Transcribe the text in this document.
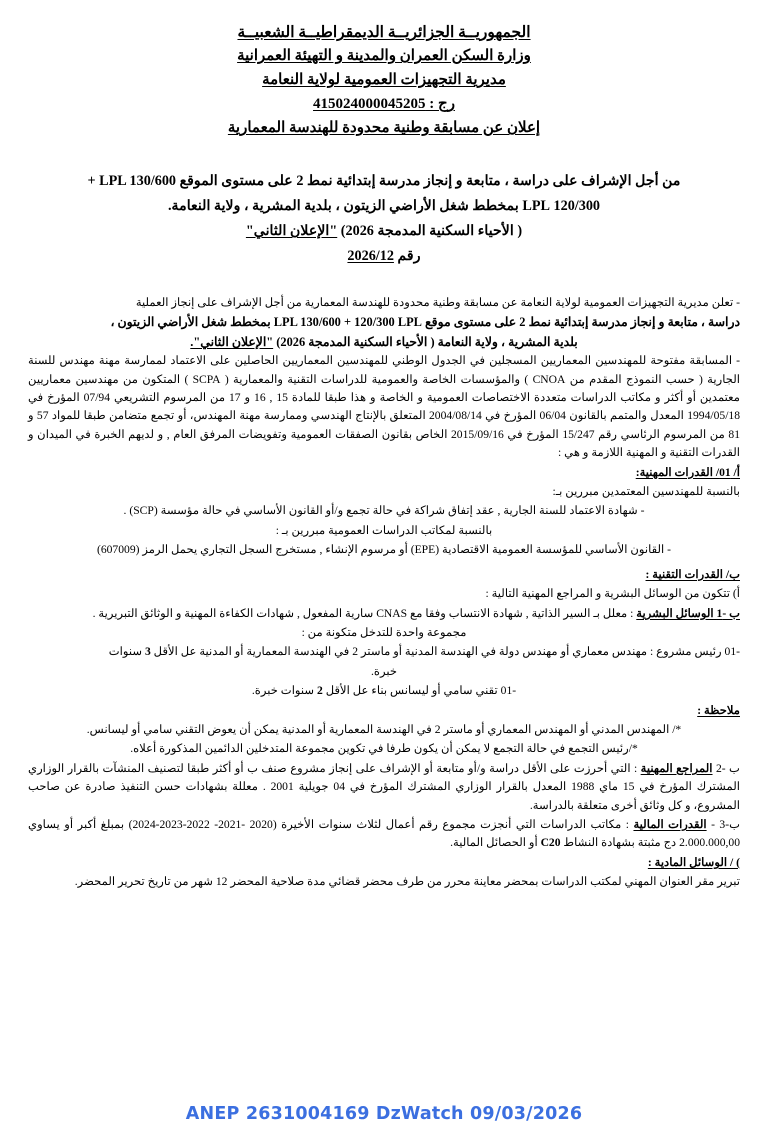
الجمهوريــة الجزائريــة الديمقراطيــة الشعبيــة
وزارة السكن العمران والمدينة و التهيئة العمرانية
مديرية التجهيزات العمومية لولاية النعامة
رج : 415024000045205
إعلان عن مسابقة وطنية محدودة للهندسة المعمارية
من أجل الإشراف على دراسة ، متابعة و إنجاز مدرسة إبتدائية نمط 2 على مستوى الموقع LPL 130/600 +
120/300 LPL بمخطط شغل الأراضي الزيتون ، بلدية المشرية ، ولاية النعامة.
( الأحياء السكنية المدمجة 2026) "الإعلان الثاني"
رقم 2026/12

- تعلن مديرية التجهيزات العمومية لولاية النعامة عن مسابقة وطنية محدودة للهندسة المعمارية من أجل الإشراف على إنجاز العملية

دراسة ، متابعة و إنجاز مدرسة إبتدائية نمط 2 على مستوى موقع LPL 130/600 + 120/300 LPL بمخطط شغل الأراضي الزيتون ،

بلدية المشرية ، ولاية النعامة ( الأحياء السكنية المدمجة 2026) "الإعلان الثاني".

- المسابقة مفتوحة للمهندسين المعماريين المسجلين في الجدول الوطني للمهندسين المعماريين الحاصلين على الاعتماد لممارسة مهنة مهندس للسنة الجارية ( حسب النموذج المقدم من CNOA ) والمؤسسات الخاصة والعمومية للدراسات التقنية والمعمارية ( SCPA ) المتكون من مهندسين معماريين معتمدين أو أكثر و مكاتب الدراسات متعددة الاختصاصات العمومية و الخاصة و هذا طبقا للمادة 15 , 16 و 17 من المرسوم التشريعي 07/94 المؤرخ في 1994/05/18 المعدل والمتمم بالقانون 06/04 المؤرخ في 2004/08/14 المتعلق بالإنتاج الهندسي وممارسة مهنة المهندس، أو تجمع متضامن طبقا للمواد 57 و 81 من المرسوم الرئاسي رقم 15/247 المؤرخ في 2015/09/16 الخاص بقانون الصفقات العمومية وتفويضات المرفق العام , و لديهم الخبرة في الميدان و القدرات التقنية و المهنية اللازمة و هي :

أ/ 01/ القدرات المهنية:

بالنسبة للمهندسين المعتمدين مبررين بـ:

- شهادة الاعتماد للسنة الجارية , عقد إتفاق شراكة في حالة تجمع و/أو القانون الأساسي في حالة مؤسسة (SCP) .

بالنسبة لمكاتب الدراسات العمومية مبررين بـ :

- القانون الأساسي للمؤسسة العمومية الاقتصادية (EPE) أو مرسوم الإنشاء , مستخرج السجل التجاري يحمل الرمز (607009)

ب/ القدرات التقنية :

أ) تتكون من الوسائل البشرية و المراجع المهنية التالية :

ب -1 الوسائل البشرية : معلل بـ السير الذاتية , شهادة الانتساب وفقا مع CNAS سارية المفعول , شهادات الكفاءة المهنية و الوثائق التبريرية .

مجموعة واحدة للتدخل متكونة من :

-01 رئيس مشروع : مهندس معماري أو مهندس دولة في الهندسة المدنية أو ماستر 2 في الهندسة المعمارية أو المدنية عل الأقل 3 سنوات

خبرة.

-01 تقني سامي أو ليسانس بناء عل الأقل 2 سنوات خبرة.

ملاحظة :

*/ المهندس المدني أو المهندس المعماري أو ماستر 2 في الهندسة المعمارية أو المدنية يمكن أن يعوض التقني سامي أو ليسانس.

*/رئيس التجمع في حالة التجمع لا يمكن أن يكون طرفا في تكوين مجموعة المتدخلين الدائمين المذكورة أعلاه.

ب -2 المراجع المهنية : التي أحرزت على الأقل دراسة و/أو متابعة أو الإشراف على إنجاز مشروع صنف ب أو أكثر طبقا لتصنيف المنشآت بالقرار الوزاري المشترك المؤرخ في 15 ماي 1988 المعدل بالقرار الوزاري المشترك المؤرخ في 04 جويلية 2001 . معللة بشهادات حسن التنفيذ صادرة عن صاحب المشروع، و كل وثائق أخرى متعلقة بالدراسة.

ب-3 - القدرات المالية : مكاتب الدراسات التي أنجزت مجموع رقم أعمال لثلاث سنوات الأخيرة (2020 -2021- 2022-2023-2024) بمبلغ أكبر أو يساوي 2.000.000,00 دج مثبتة بشهادة النشاط C20 أو الحصائل المالية.

) / الوسائل المادية :

تبرير مقر العنوان المهني لمكتب الدراسات بمحضر معاينة محرر من طرف محضر قضائي مدة صلاحية المحضر 12 شهر من تاريخ تحرير المحضر.

ANEP 2631004169 DzWatch 09/03/2026
